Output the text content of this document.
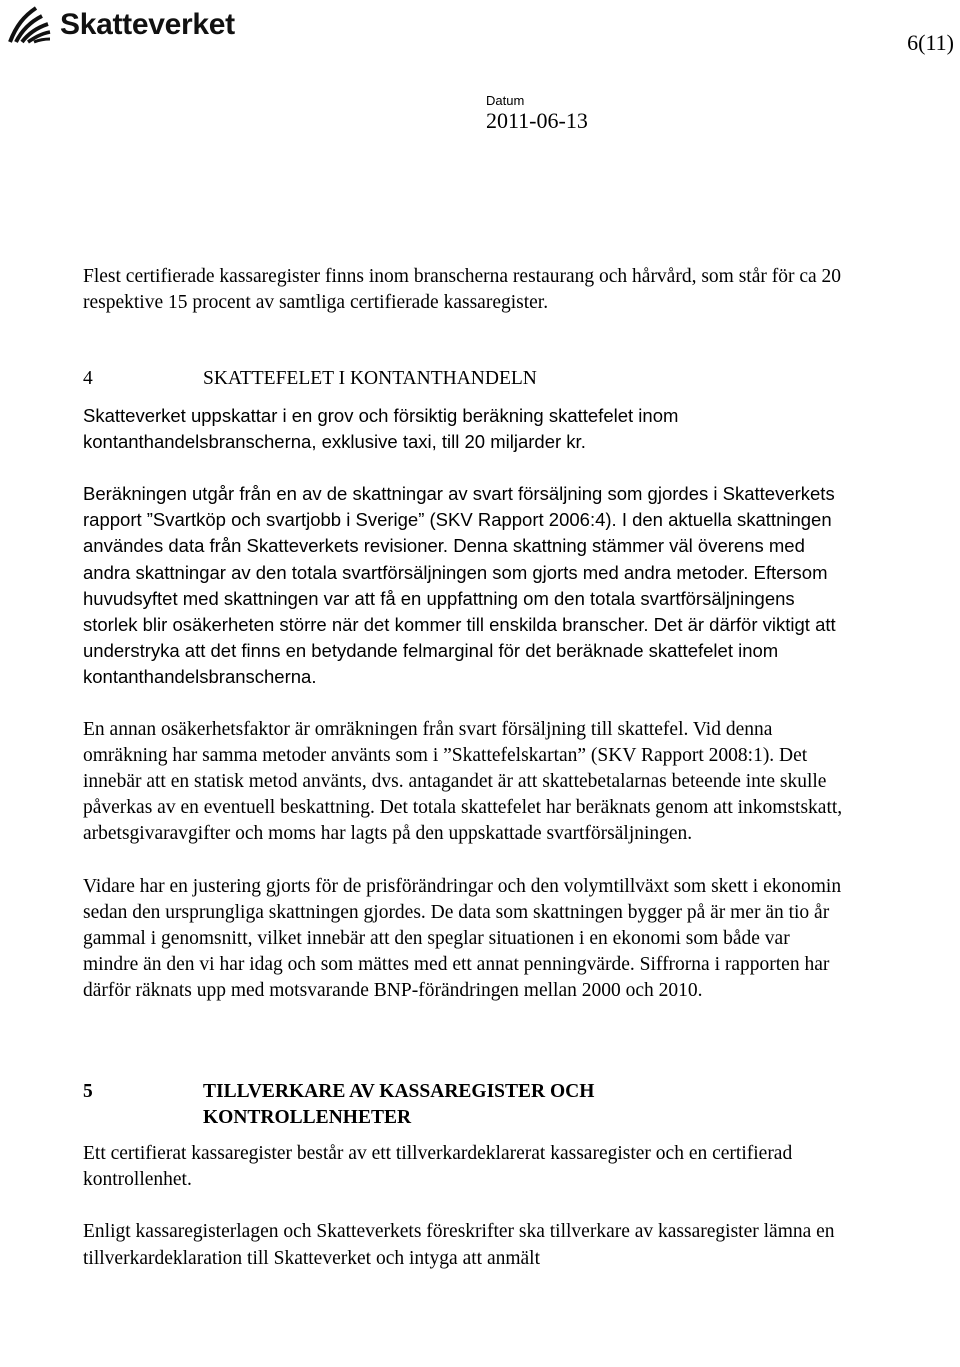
Skatteverket
6(11)
Datum
2011-06-13

Flest certifierade kassaregister finns inom branscherna restaurang och hårvård, som står för ca 20 respektive 15 procent av samtliga certifierade kassaregister.

4	SKATTEFELET I KONTANTHANDELN

Skatteverket uppskattar i en grov och försiktig beräkning skattefelet inom kontanthandelsbranscherna, exklusive taxi, till 20 miljarder kr.

Beräkningen utgår från en av de skattningar av svart försäljning som gjordes i Skatteverkets rapport ”Svartköp och svartjobb i Sverige” (SKV Rapport 2006:4). I den aktuella skattningen användes data från Skatteverkets revisioner. Denna skattning stämmer väl överens med andra skattningar av den totala svartförsäljningen som gjorts med andra metoder. Eftersom huvudsyftet med skattningen var att få en uppfattning om den totala svartförsäljningens storlek blir osäkerheten större när det kommer till enskilda branscher. Det är därför viktigt att understryka att det finns en betydande felmarginal för det beräknade skattefelet inom kontanthandelsbranscherna.

En annan osäkerhetsfaktor är omräkningen från svart försäljning till skattefel. Vid denna omräkning har samma metoder använts som i ”Skattefelskartan” (SKV Rapport 2008:1). Det innebär att en statisk metod använts, dvs. antagandet är att skattebetalarnas beteende inte skulle påverkas av en eventuell beskattning. Det totala skattefelet har beräknats genom att inkomstskatt, arbetsgivaravgifter och moms har lagts på den uppskattade svartförsäljningen.

Vidare har en justering gjorts för de prisförändringar och den volymtillväxt som skett i ekonomin sedan den ursprungliga skattningen gjordes. De data som skattningen bygger på är mer än tio år gammal i genomsnitt, vilket innebär att den speglar situationen i en ekonomi som både var mindre än den vi har idag och som mättes med ett annat penningvärde. Siffrorna i rapporten har därför räknats upp med motsvarande BNP-förändringen mellan 2000 och 2010.

5	TILLVERKARE AV KASSAREGISTER OCH KONTROLLENHETER

Ett certifierat kassaregister består av ett tillverkardeklarerat kassaregister och en certifierad kontrollenhet.

Enligt kassaregisterlagen och Skatteverkets föreskrifter ska tillverkare av kassaregister lämna en tillverkardeklaration till Skatteverket och intyga att anmält
